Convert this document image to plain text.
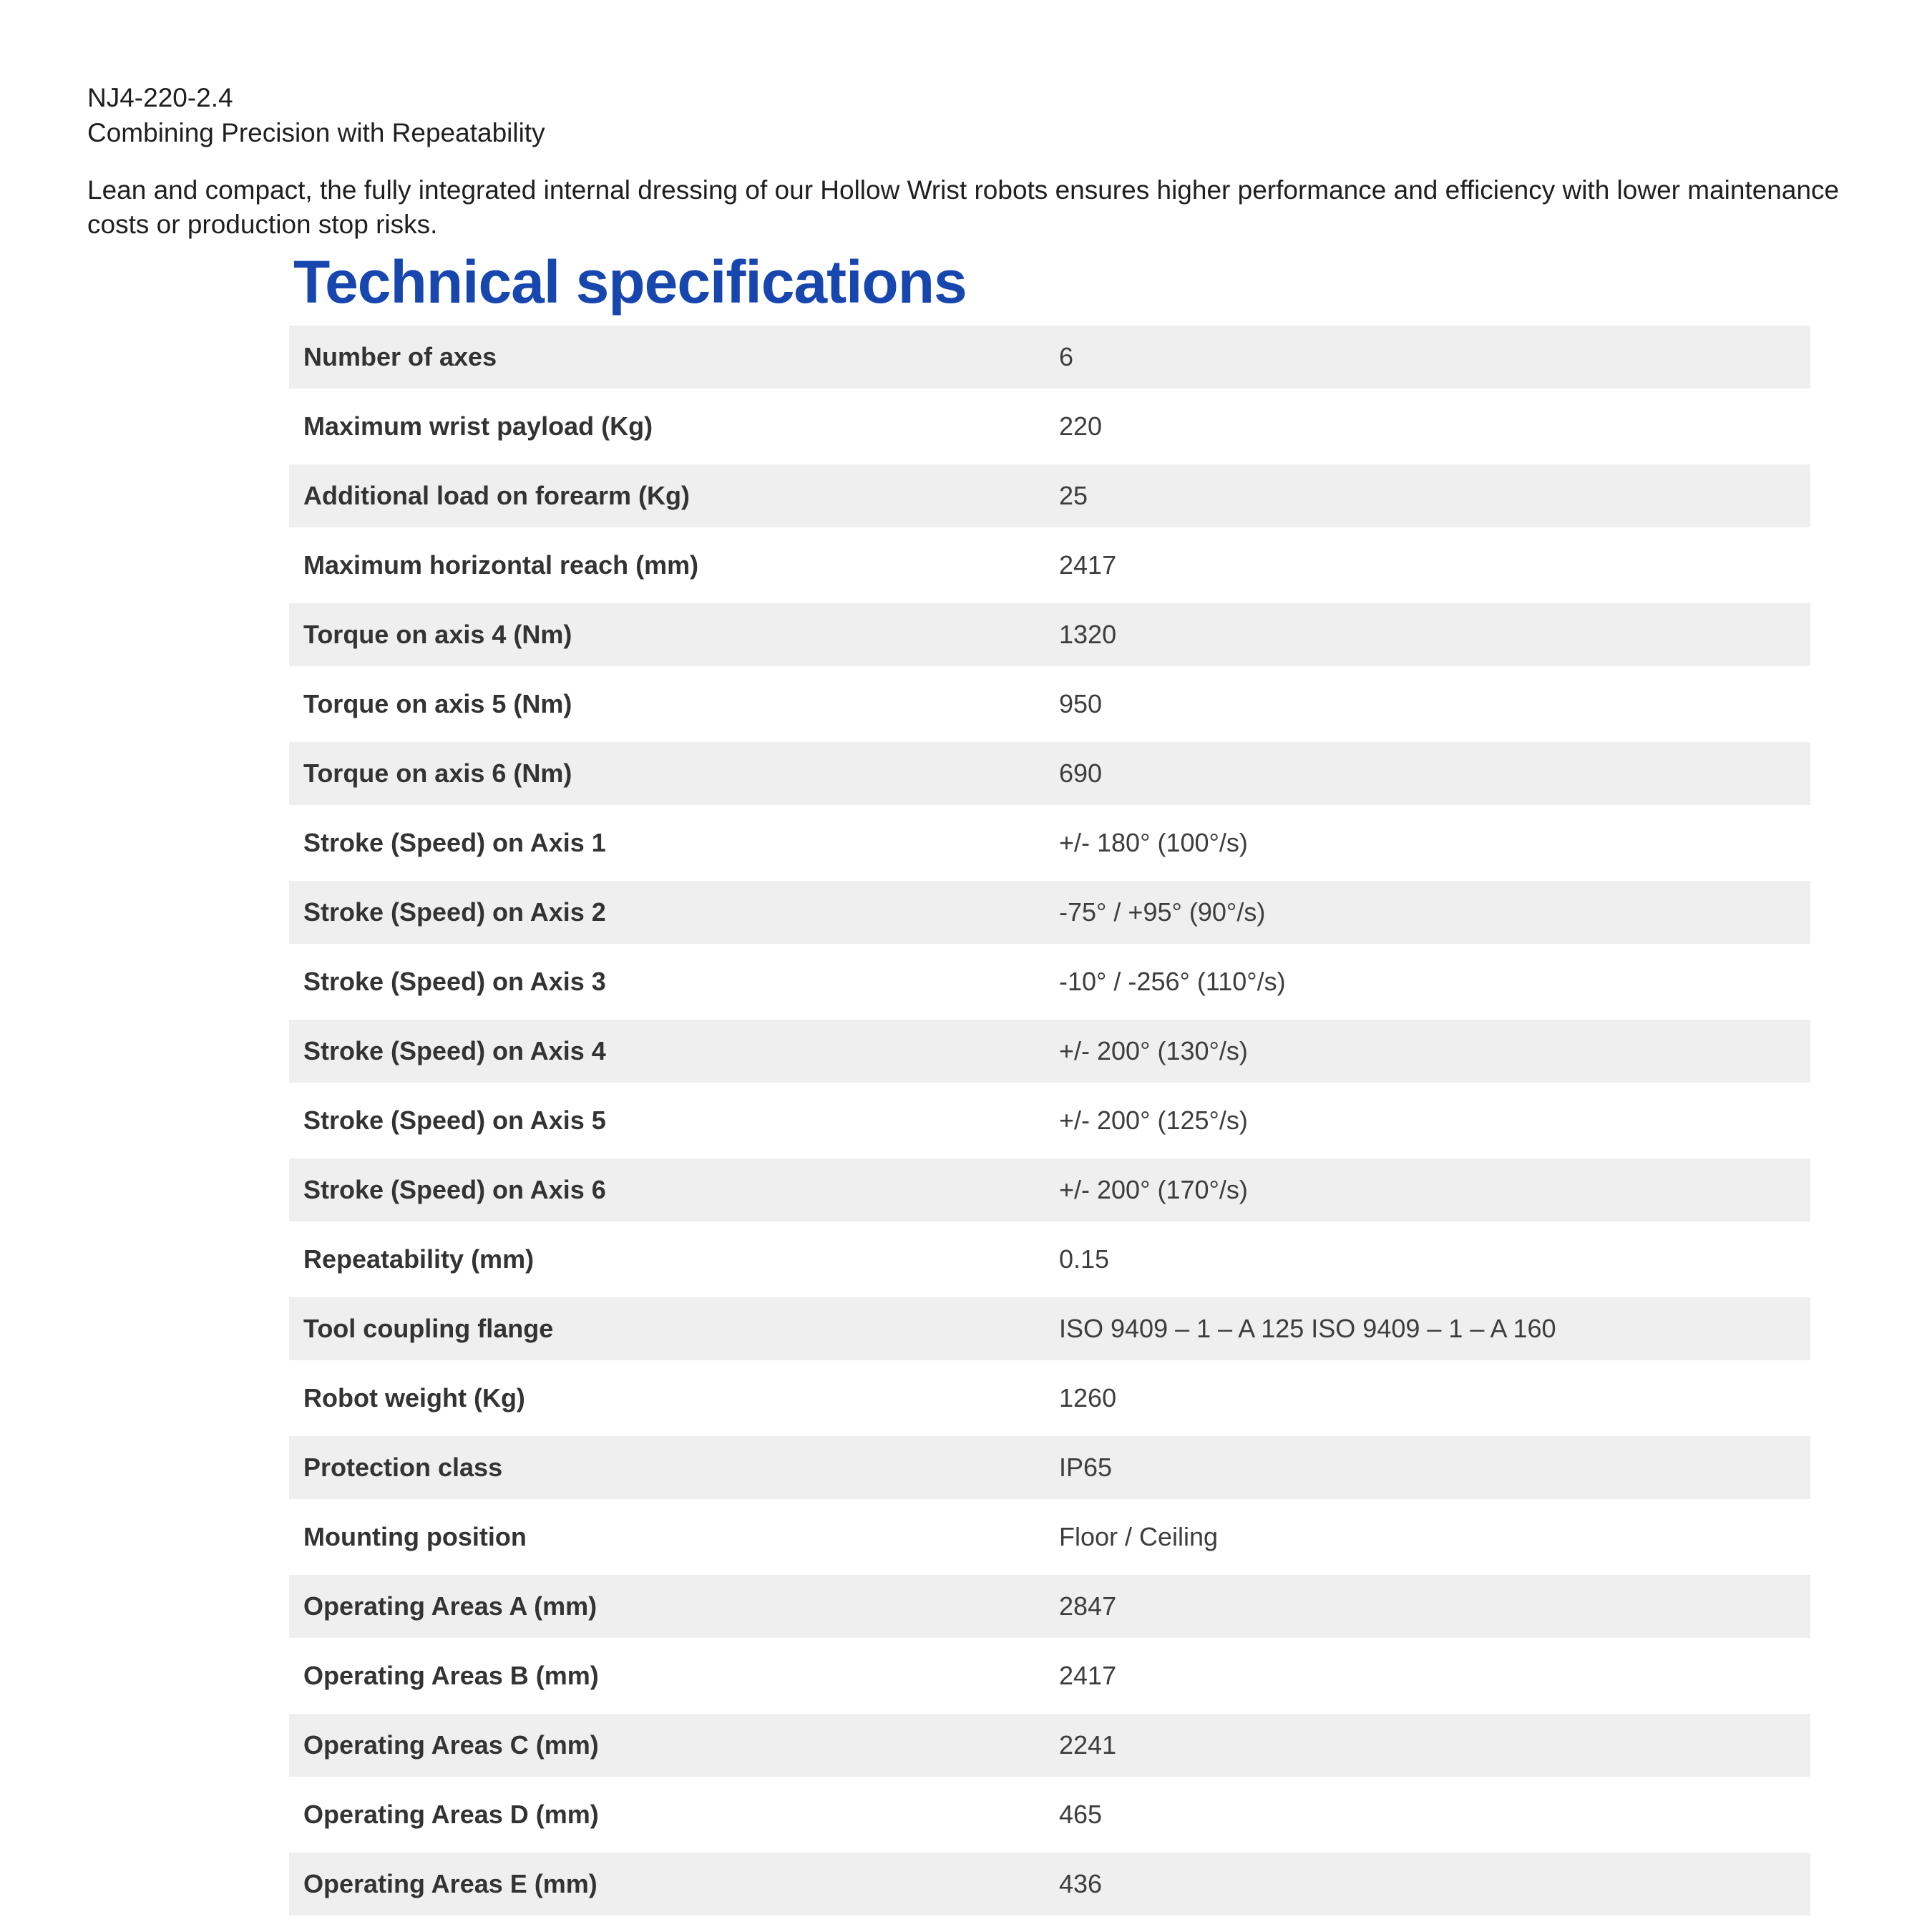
NJ4-220-2.4
Combining Precision with Repeatability
Lean and compact, the fully integrated internal dressing of our Hollow Wrist robots ensures higher performance and efficiency with lower maintenance
costs or production stop risks.
Technical specifications
Number of axes	6
Maximum wrist payload (Kg)	220
Additional load on forearm (Kg)	25
Maximum horizontal reach (mm)	2417
Torque on axis 4 (Nm)	1320
Torque on axis 5 (Nm)	950
Torque on axis 6 (Nm)	690
Stroke (Speed) on Axis 1	+/- 180° (100°/s)
Stroke (Speed) on Axis 2	-75° / +95° (90°/s)
Stroke (Speed) on Axis 3	-10° / -256° (110°/s)
Stroke (Speed) on Axis 4	+/- 200° (130°/s)
Stroke (Speed) on Axis 5	+/- 200° (125°/s)
Stroke (Speed) on Axis 6	+/- 200° (170°/s)
Repeatability (mm)	0.15
Tool coupling flange	ISO 9409 – 1 – A 125 ISO 9409 – 1 – A 160
Robot weight (Kg)	1260
Protection class	IP65
Mounting position	Floor / Ceiling
Operating Areas A (mm)	2847
Operating Areas B (mm)	2417
Operating Areas C (mm)	2241
Operating Areas D (mm)	465
Operating Areas E (mm)	436
